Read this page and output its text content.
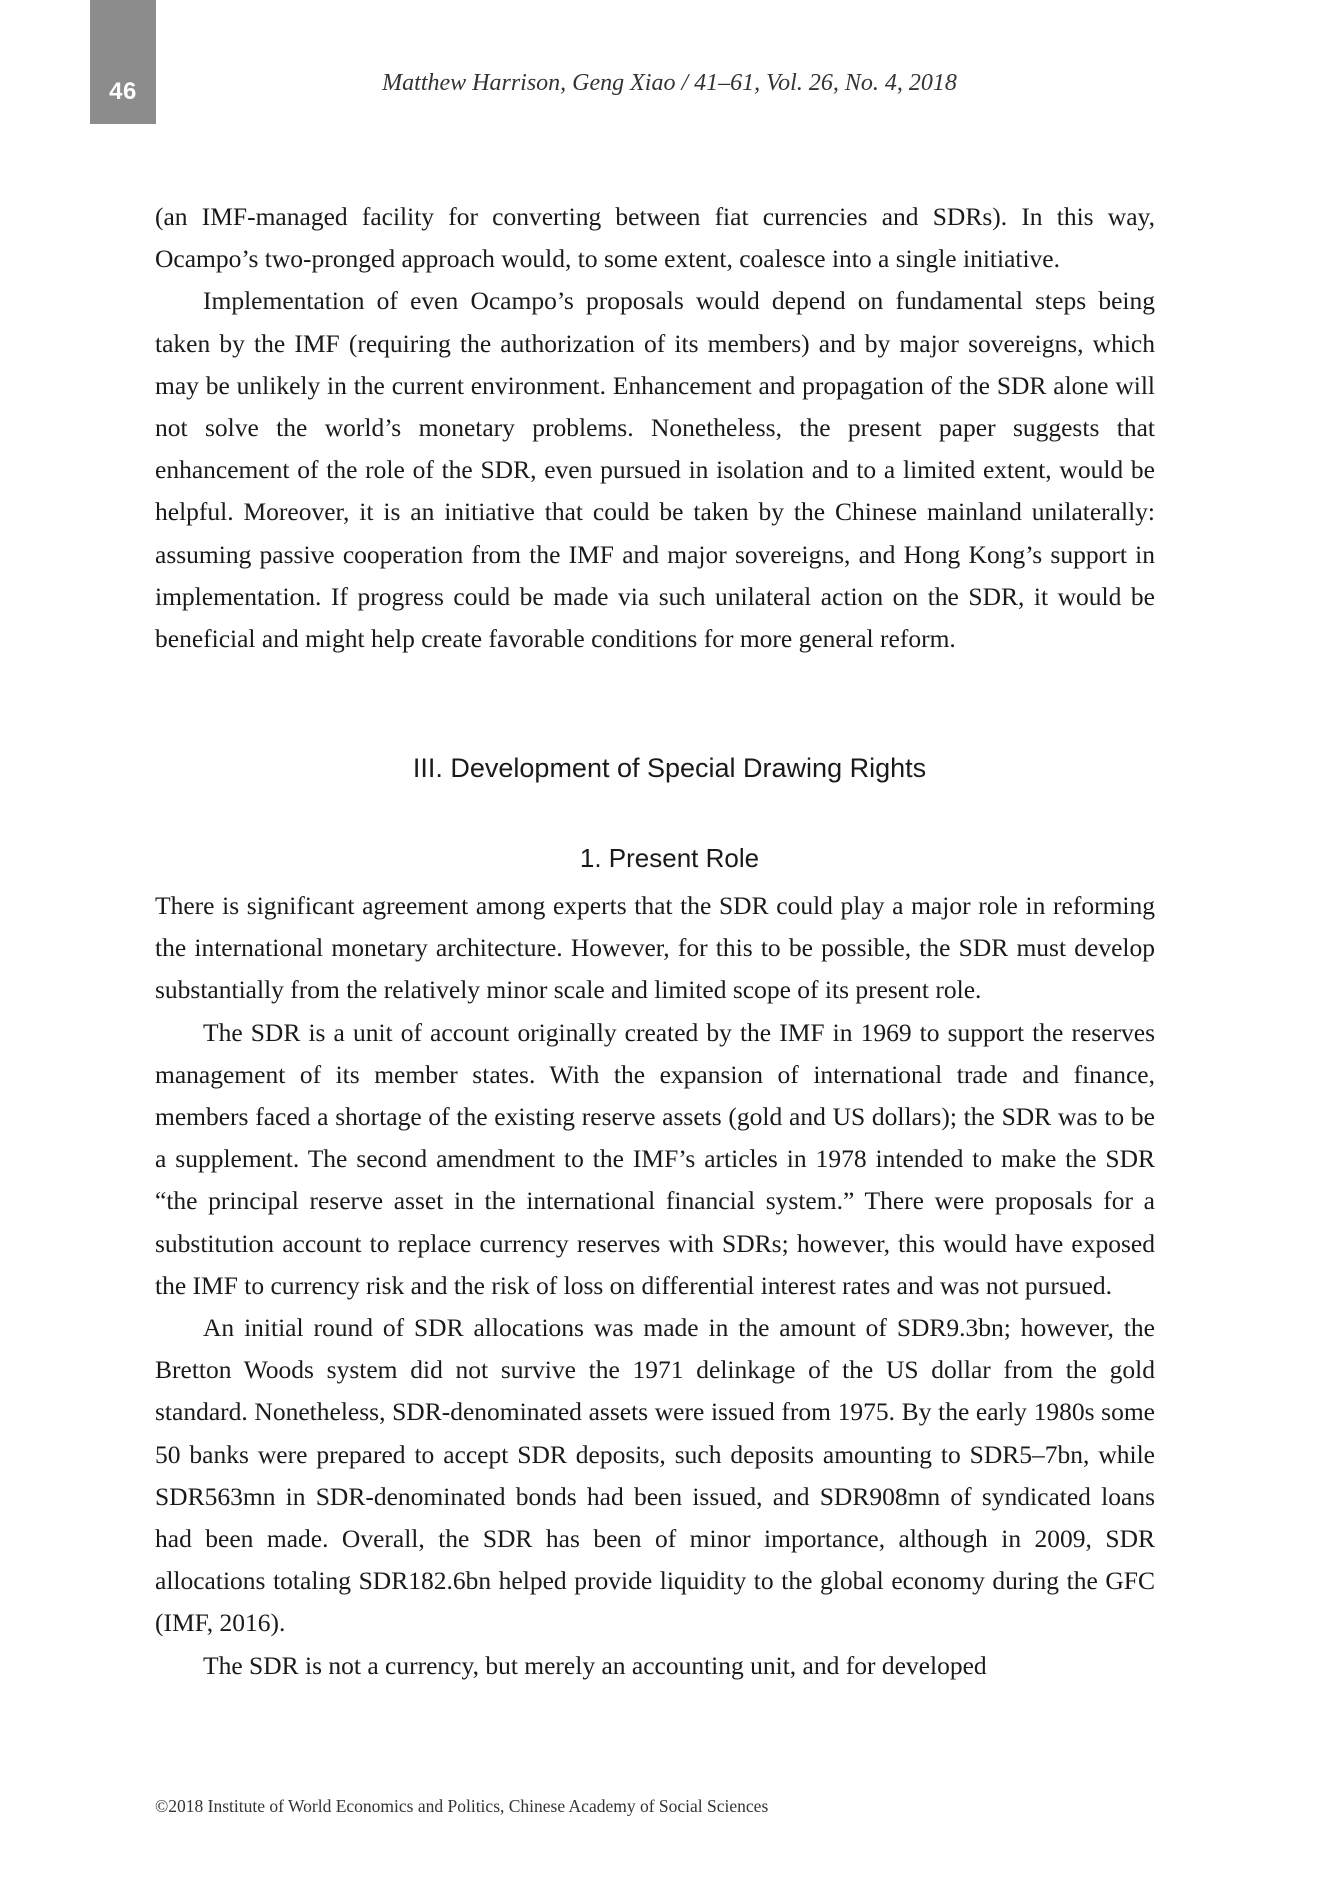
46	Matthew Harrison, Geng Xiao / 41–61, Vol. 26, No. 4, 2018

(an IMF-managed facility for converting between fiat currencies and SDRs). In this way, Ocampo’s two-pronged approach would, to some extent, coalesce into a single initiative.

Implementation of even Ocampo’s proposals would depend on fundamental steps being taken by the IMF (requiring the authorization of its members) and by major sovereigns, which may be unlikely in the current environment. Enhancement and propagation of the SDR alone will not solve the world’s monetary problems. Nonetheless, the present paper suggests that enhancement of the role of the SDR, even pursued in isolation and to a limited extent, would be helpful. Moreover, it is an initiative that could be taken by the Chinese mainland unilaterally: assuming passive cooperation from the IMF and major sovereigns, and Hong Kong’s support in implementation. If progress could be made via such unilateral action on the SDR, it would be beneficial and might help create favorable conditions for more general reform.

III. Development of Special Drawing Rights
1. Present Role

There is significant agreement among experts that the SDR could play a major role in reforming the international monetary architecture. However, for this to be possible, the SDR must develop substantially from the relatively minor scale and limited scope of its present role.

The SDR is a unit of account originally created by the IMF in 1969 to support the reserves management of its member states. With the expansion of international trade and finance, members faced a shortage of the existing reserve assets (gold and US dollars); the SDR was to be a supplement. The second amendment to the IMF’s articles in 1978 intended to make the SDR “the principal reserve asset in the international financial system.” There were proposals for a substitution account to replace currency reserves with SDRs; however, this would have exposed the IMF to currency risk and the risk of loss on differential interest rates and was not pursued.

An initial round of SDR allocations was made in the amount of SDR9.3bn; however, the Bretton Woods system did not survive the 1971 delinkage of the US dollar from the gold standard. Nonetheless, SDR-denominated assets were issued from 1975. By the early 1980s some 50 banks were prepared to accept SDR deposits, such deposits amounting to SDR5–7bn, while SDR563mn in SDR-denominated bonds had been issued, and SDR908mn of syndicated loans had been made. Overall, the SDR has been of minor importance, although in 2009, SDR allocations totaling SDR182.6bn helped provide liquidity to the global economy during the GFC (IMF, 2016).

The SDR is not a currency, but merely an accounting unit, and for developed

©2018 Institute of World Economics and Politics, Chinese Academy of Social Sciences
